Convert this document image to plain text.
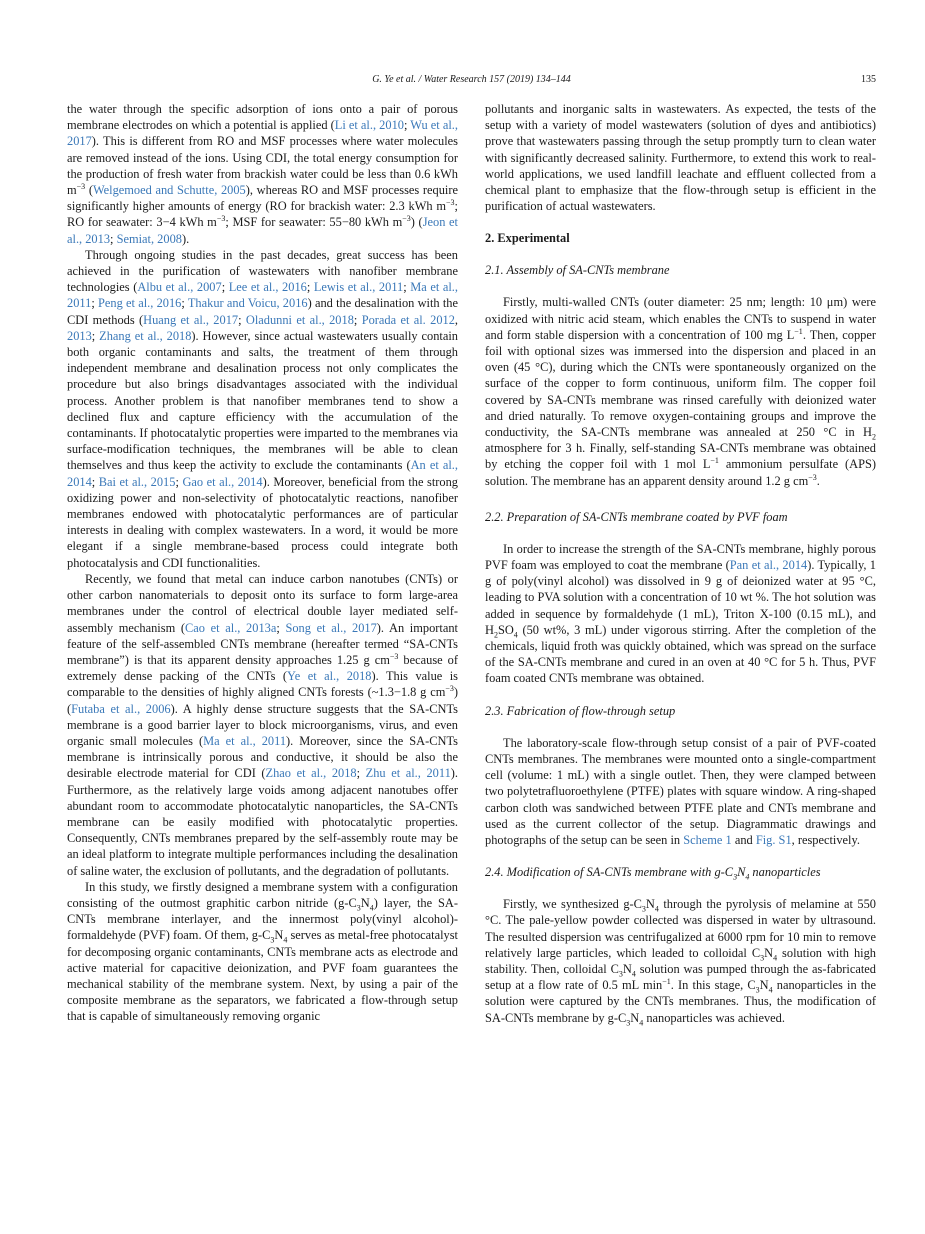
G. Ye et al. / Water Research 157 (2019) 134–144	135

the water through the specific adsorption of ions onto a pair of porous membrane electrodes on which a potential is applied (Li et al., 2010; Wu et al., 2017). This is different from RO and MSF processes where water molecules are removed instead of the ions. Using CDI, the total energy consumption for the production of fresh water from brackish water could be less than 0.6 kWh $m^{-3}$ (Welgemoed and Schutte, 2005), whereas RO and MSF processes require significantly higher amounts of energy (RO for brackish water: 2.3 kWh $m^{-3}$; RO for seawater: 3−4 kWh $m^{-3}$; MSF for seawater: 55−80 kWh $m^{-3}$) (Jeon et al., 2013; Semiat, 2008).

Through ongoing studies in the past decades, great success has been achieved in the purification of wastewaters with nanofiber membrane technologies (Albu et al., 2007; Lee et al., 2016; Lewis et al., 2011; Ma et al., 2011; Peng et al., 2016; Thakur and Voicu, 2016) and the desalination with the CDI methods (Huang et al., 2017; Oladunni et al., 2018; Porada et al. 2012, 2013; Zhang et al., 2018). However, since actual wastewaters usually contain both organic contaminants and salts, the treatment of them through independent membrane and desalination process not only complicates the procedure but also brings disadvantages associated with the individual process. Another problem is that nanofiber membranes tend to show a declined flux and capture efficiency with the accumulation of the contaminants. If photocatalytic properties were imparted to the membranes via surface-modification techniques, the membranes will be able to clean themselves and thus keep the activity to exclude the contaminants (An et al., 2014; Bai et al., 2015; Gao et al., 2014). Moreover, beneficial from the strong oxidizing power and non-selectivity of photocatalytic reactions, nanofiber membranes endowed with photocatalytic performances are of particular interests in dealing with complex wastewaters. In a word, it would be more elegant if a single membrane-based process could integrate both photocatalysis and CDI functionalities.

Recently, we found that metal can induce carbon nanotubes (CNTs) or other carbon nanomaterials to deposit onto its surface to form large-area membranes under the control of electrical double layer mediated self-assembly mechanism (Cao et al., 2013a; Song et al., 2017). An important feature of the self-assembled CNTs membrane (hereafter termed “SA-CNTs membrane”) is that its apparent density approaches 1.25 g $cm^{-3}$ because of extremely dense packing of the CNTs (Ye et al., 2018). This value is comparable to the densities of highly aligned CNTs forests (~1.3−1.8 g $cm^{-3}$) (Futaba et al., 2006). A highly dense structure suggests that the SA-CNTs membrane is a good barrier layer to block microorganisms, virus, and even organic small molecules (Ma et al., 2011). Moreover, since the SA-CNTs membrane is intrinsically porous and conductive, it should be also the desirable electrode material for CDI (Zhao et al., 2018; Zhu et al., 2011). Furthermore, as the relatively large voids among adjacent nanotubes offer abundant room to accommodate photocatalytic nanoparticles, the SA-CNTs membrane can be easily modified with photocatalytic properties. Consequently, CNTs membranes prepared by the self-assembly route may be an ideal platform to integrate multiple performances including the desalination of saline water, the exclusion of pollutants, and the degradation of pollutants.

In this study, we firstly designed a membrane system with a configuration consisting of the outmost graphitic carbon nitride $(g-C_3N_4)$ layer, the SA-CNTs membrane interlayer, and the innermost poly(vinyl alcohol)-formaldehyde (PVF) foam. Of them, $g-C_3N_4$ serves as metal-free photocatalyst for decomposing organic contaminants, CNTs membrane acts as electrode and active material for capacitive deionization, and PVF foam guarantees the mechanical stability of the membrane system. Next, by using a pair of the composite membrane as the separators, we fabricated a flow-through setup that is capable of simultaneously removing organic

pollutants and inorganic salts in wastewaters. As expected, the tests of the setup with a variety of model wastewaters (solution of dyes and antibiotics) prove that wastewaters passing through the setup promptly turn to clean water with significantly decreased salinity. Furthermore, to extend this work to real-world applications, we used landfill leachate and effluent collected from a chemical plant to emphasize that the flow-through setup is efficient in the purification of actual wastewaters.

2. Experimental
2.1. Assembly of SA-CNTs membrane

Firstly, multi-walled CNTs (outer diameter: 25 nm; length: 10 μm) were oxidized with nitric acid steam, which enables the CNTs to suspend in water and form stable dispersion with a concentration of 100 mg $L^{-1}$. Then, copper foil with optional sizes was immersed into the dispersion and placed in an oven (45 °C), during which the CNTs were spontaneously organized on the surface of the copper to form continuous, uniform film. The copper foil covered by SA-CNTs membrane was rinsed carefully with deionized water and dried naturally. To remove oxygen-containing groups and improve the conductivity, the SA-CNTs membrane was annealed at 250 °C in $H_2$ atmosphere for 3 h. Finally, self-standing SA-CNTs membrane was obtained by etching the copper foil with 1 mol $L^{-1}$ ammonium persulfate (APS) solution. The membrane has an apparent density around 1.2 g $cm^{-3}$.

2.2. Preparation of SA-CNTs membrane coated by PVF foam

In order to increase the strength of the SA-CNTs membrane, highly porous PVF foam was employed to coat the membrane (Pan et al., 2014). Typically, 1 g of poly(vinyl alcohol) was dissolved in 9 g of deionized water at 95 °C, leading to PVA solution with a concentration of 10 wt %. The hot solution was added in sequence by formaldehyde (1 mL), Triton X-100 (0.15 mL), and $H_2SO_4$ (50 wt%, 3 mL) under vigorous stirring. After the completion of the chemicals, liquid froth was quickly obtained, which was spread on the surface of the SA-CNTs membrane and cured in an oven at 40 °C for 5 h. Thus, PVF foam coated CNTs membrane was obtained.

2.3. Fabrication of flow-through setup

The laboratory-scale flow-through setup consist of a pair of PVF-coated CNTs membranes. The membranes were mounted onto a single-compartment cell (volume: 1 mL) with a single outlet. Then, they were clamped between two polytetrafluoroethylene (PTFE) plates with square window. A ring-shaped carbon cloth was sandwiched between PTFE plate and CNTs membrane and used as the current collector of the setup. Diagrammatic drawings and photographs of the setup can be seen in Scheme 1 and Fig. S1, respectively.

2.4. Modification of SA-CNTs membrane with $g-C_3N_4$ nanoparticles

Firstly, we synthesized $g-C_3N_4$ through the pyrolysis of melamine at 550 °C. The pale-yellow powder collected was dispersed in water by ultrasound. The resulted dispersion was centrifugalized at 6000 rpm for 10 min to remove relatively large particles, which leaded to colloidal $C_3N_4$ solution with high stability. Then, colloidal $C_3N_4$ solution was pumped through the as-fabricated setup at a flow rate of 0.5 mL $\min^{-1}$. In this stage, $C_3N_4$ nanoparticles in the solution were captured by the CNTs membranes. Thus, the modification of SA-CNTs membrane by $g-C_3N_4$ nanoparticles was achieved.
